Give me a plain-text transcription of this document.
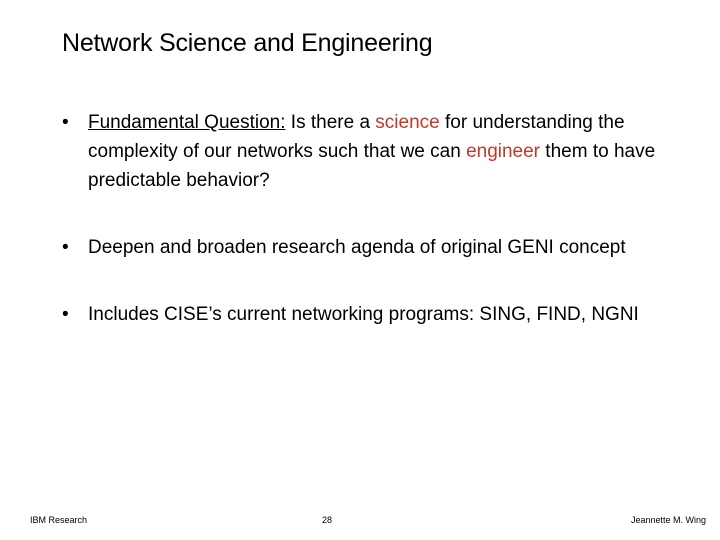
Network Science and Engineering
• Fundamental Question: Is there a science for understanding the complexity of our networks such that we can engineer them to have predictable behavior?
• Deepen and broaden research agenda of original GENI concept
• Includes CISE’s current networking programs: SING, FIND, NGNI
IBM Research	28	Jeannette M. Wing
